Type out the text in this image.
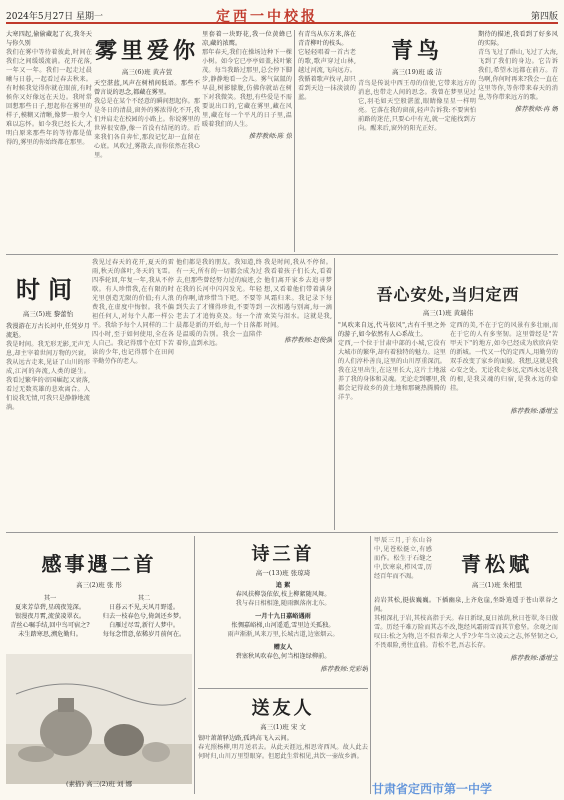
2024年5月27日 星期一	定西一中校报	第四版
大寒四起,偷偷藏起了衣,我冬天与你久别
我们在雾中等待着彼此,时间在我们之间缓缓流淌。花开花落,一年又一年。我们一起走过晨曦与日暮,一起看过春去秋来。有时候我觉得你就在眼前,有时候你又好像远在天边。我时常回想那些日子,想起你在雾里的样子,模糊又清晰,像梦一般令人难以忘怀。如今我已经长大,才明白原来那些年的等待都是值得的,雾里的你始终都在那里。
雾里爱你
高三(6)班 黄卉萱
天空湛蓝,风声在树梢间低语。那些不曾言说的思念,都藏在雾里。
我总是在某个不经意的瞬间想起你。那是冬日的清晨,窗外的雾浓得化不开,我们并肩走在校园的小路上。你说雾里的世界很安静,像一首没有结尾的诗。后来我们各自奔忙,那段记忆却一直留在心底。风吹过,雾散去,而你依然在我心里。
里套着一块野花,我一位黄蜂已凉,藏的浓鹰。
那年春天,我们在操场边种下一棵小树。如今它已亭亭如盖,枝叶繁茂。每当我路过那里,总会停下脚步,静静地看一会儿。雾气氤氲的早晨,树影朦胧,仿佛你就站在树下对我微笑。我想,有些爱是不需要说出口的,它藏在雾里,藏在风里,藏在每一个平凡的日子里,温暖着我们的人生。
推荐教师:陈 惊
有青鸟从东方来,落在青青柳叶的枝头。
它轻轻唱着一首古老的歌,歌声穿过山林,越过河流,飞向远方。我循着歌声找寻,却只看到天边一抹淡淡的蓝。
青鸟
高三(19)班 戚 洁
青鸟是传说中西王母的信使,它带来远方的消息,也带走人间的思念。我曾在梦里见过它,羽毛如天空般湛蓝,眼睛像星星一样明亮。它落在我的窗前,轻声告诉我:不要害怕前路的迷茫,只要心中有光,就一定能找到方向。醒来后,窗外的阳光正好。
期待的描述,我看到了好多风的实际。
青鸟飞过了群山,飞过了大海,飞到了我们的身边。它告诉我们,希望永远都在前方。青鸟啊,你何时再来?我会一直在这里等你,等你带来春天的消息,等你带来远方的歌。
推荐教师:冉 婿
时间
高三(5)班 黎蕾怡
我漫游在万古长河中,任凭岁月流逝。
我是时间。我无形无影,无声无息,却主宰着世间万物的兴衰。我从远古走来,见证了山川的形成,江河的奔流,人类的诞生。我看过繁华的帝国崛起又衰落,看过无数英雄的悲欢离合。人们说我无情,可我只是静静地流淌。
我见过春天的花开,夏天的雷雨,秋天的落叶,冬天的飞雪。四季轮回,年复一年,我从不停歇。有人珍惜我,在有限的时光里创造无限的价值;有人浪费我,在虚度中悔恨。我不偏袒任何人,对每个人都一样公平。我给予每个人同样的二十四小时,至于如何使用,全在各人自己。我记得那个在灯下苦读的少年,也记得那个在田间辛勤劳作的老人。
他们都是我的朋友。我知道,终有一天,所有的一切都会成为过去,但那些曾经努力过的痕迹,会在我的长河中闪闪发光。年轻的你啊,请珍惜当下吧。不要等到失去了才懂得珍贵,不要等到老去了才追悔莫及。每一个清晨都是新的开始,每一个日落都是温暖的告别。我会一直陪伴着你,直到永远。
我是时间,我从不停留。我看着孩子们长大,看着他们离开家乡去追寻梦想,又看着他们带着满身风霜归来。我记录下每一次相遇与别离,每一滴欢笑与泪水。这就是我,时间。
推荐教师:赵俊强
吾心安处,当归定西
高三(1)班 黄瑞伟
"风吹来自远,代马依风",古有千里之外的游子,如今依然有人心系故土。
定西,一个位于甘肃中部的小城,它没有大城市的繁华,却有着独特的魅力。这里的人们淳朴善良,这里的山川厚重深沉。我在这里出生,在这里长大,这片土地滋养了我的身体和灵魂。无论走到哪里,我都会记得故乡的黄土地和那碗热腾腾的洋芋。
定西的美,不在于它的风景有多壮丽,而在于它的人有多坚韧。这里曾经是"苦甲天下"的地方,如今已经成为欣欣向荣的新城。一代又一代的定西人,用勤劳的双手改变了家乡的面貌。我想,这就是我心安之处。无论我走多远,定西永远是我的根,是我灵魂的归宿,是我永远的牵挂。
推荐教师:潘增宝
感事遇二首
高三(2)班 张 彤
其一
夏来芳草碧,星疏夜笼深。
银漫夜月霄,流萤凌翠衣。
青丝心嘱手结,回中鸟可宿之?
未生踏寒思,溯危勤归。
其二
日暮云不见,天风月野遥。
归去一枝春色兮,倚剑还乡梦。
白雁过尽雪,新行人梦中。
每每念惜意,依稀岁月前何在。
(素描) 高三(2)班 刘 娜
诗三首
高一(13)班 张琼琦
追 絮
春风扶柳袅依依,枝上柳絮随风舞。
我与春日相相逢,随雨飘落南北东。
一月十九日嘉峪遇雨
怅惆嘉峪梯,山河遥遥,雪里边关孤独。
雨声渐渐,风来万里,长城古道,边塞烟云。
赠友人
碧塞秋风吹春色,何当相逢绿柳前。
推荐教师:党彩娟
送友人
高三(1)班 宋 文
银叶萧萧驿边路,孤鸿高飞入云间。
春光照杨柳,明月送君去。从此天涯远,相思寄西风。故人此去何时归,山川万里望眼穿。但愿此生常相见,共饮一壶故乡酒。
甲辰三月,于东山谷中,见苍松挺立,有感而作。松生于石缝之中,饮寒泉,栉风雪,历经百年而不凋。
青松赋
高三(1)班 朱相里
岩岩其松,挺拔巍巍。下插幽泉,上齐危崖,坐卧逍遥于苍山翠谷之间。
其根深扎于岩,其枝高指于天。春日新绿,夏日浓荫,秋日苍翠,冬日傲雪。历经千难万险而其志不改,饱经风霜雨雪而其节愈坚。余观之而叹曰:松之为物,岂不似吾辈之人乎?少年当立凌云之志,怀坚韧之心,不畏艰险,勇往直前。青松不老,吾志长存。
推荐教师:潘增宝
甘肃省定西市第一中学
